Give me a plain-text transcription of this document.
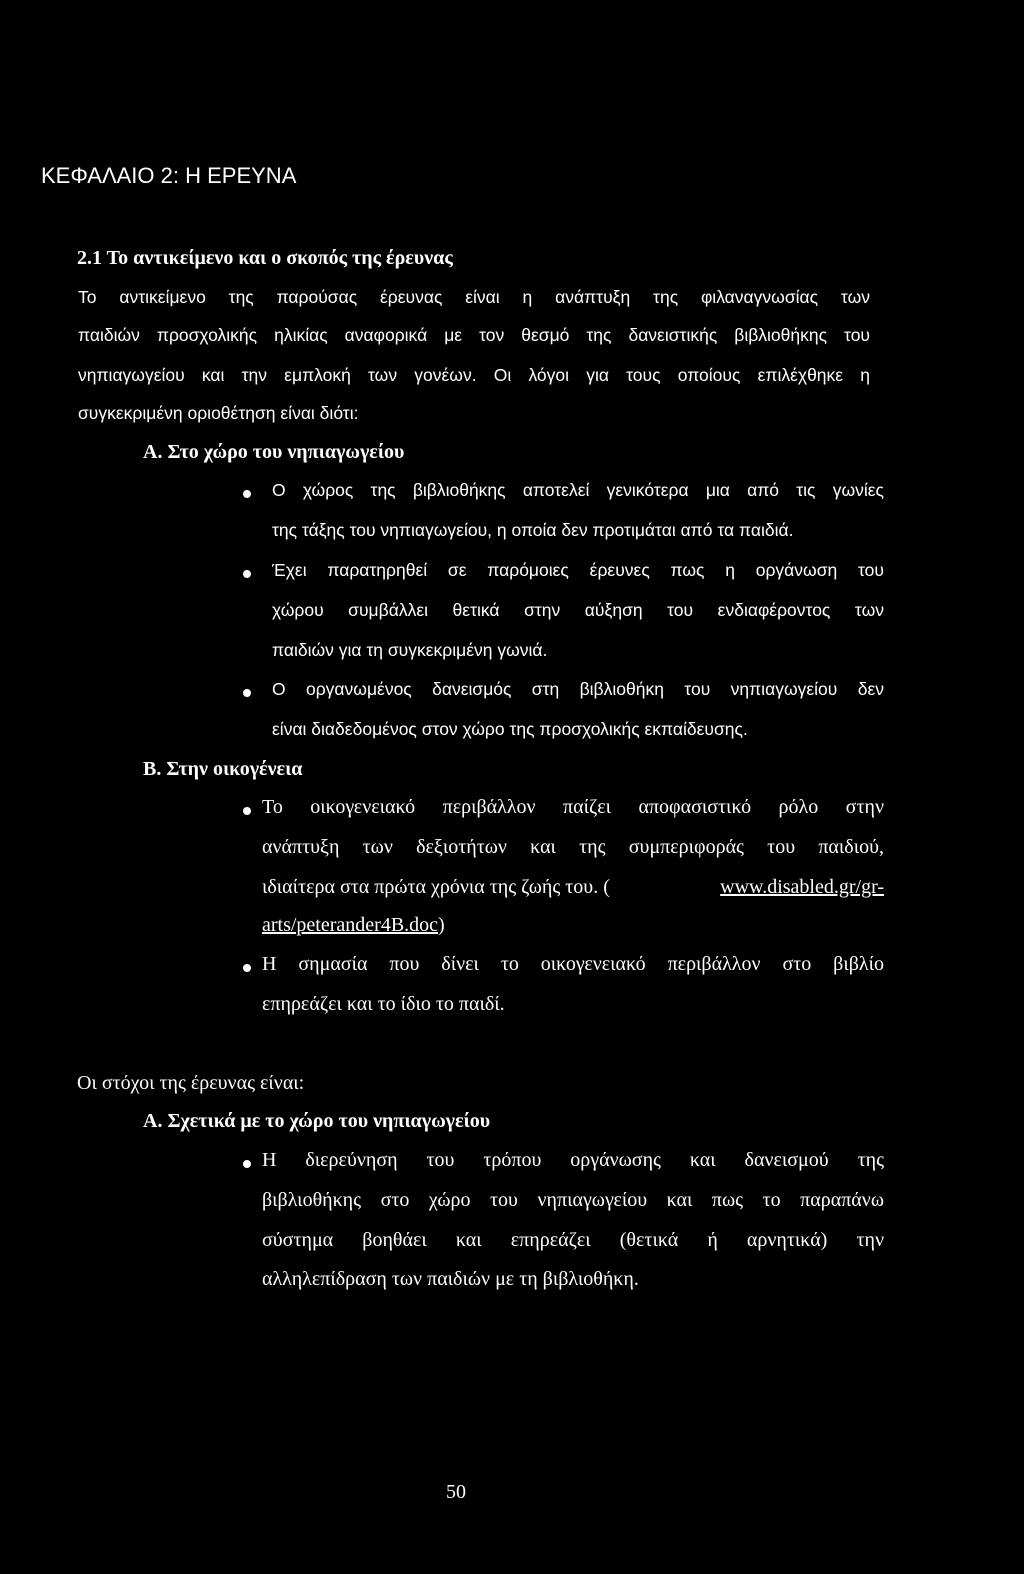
ΚΕΦΑΛΑΙΟ 2: Η ΕΡΕΥΝΑ
2.1 Το αντικείμενο και ο σκοπός της έρευνας
Το αντικείμενο της παρούσας έρευνας είναι η ανάπτυξη της φιλαναγνωσίας των
παιδιών προσχολικής ηλικίας αναφορικά με τον θεσμό της δανειστικής βιβλιοθήκης του
νηπιαγωγείου και την εμπλοκή των γονέων. Οι λόγοι για τους οποίους επιλέχθηκε η
συγκεκριμένη οριοθέτηση είναι διότι:
Α. Στο χώρο του νηπιαγωγείου
Ο χώρος της βιβλιοθήκης αποτελεί γενικότερα μια από τις γωνίες
της τάξης του νηπιαγωγείου, η οποία δεν προτιμάται από τα παιδιά.
Έχει παρατηρηθεί σε παρόμοιες έρευνες πως η οργάνωση του
χώρου συμβάλλει θετικά στην αύξηση του ενδιαφέροντος των
παιδιών για τη συγκεκριμένη γωνιά.
Ο οργανωμένος δανεισμός στη βιβλιοθήκη του νηπιαγωγείου δεν
είναι διαδεδομένος στον χώρο της προσχολικής εκπαίδευσης.
Β. Στην οικογένεια
Το οικογενειακό περιβάλλον παίζει αποφασιστικό ρόλο στην
ανάπτυξη των δεξιοτήτων και της συμπεριφοράς του παιδιού,
ιδιαίτερα στα πρώτα χρόνια της ζωής του. (	www.disabled.gr/gr-
arts/peterander4B.doc)
Η σημασία που δίνει το οικογενειακό περιβάλλον στο βιβλίο
επηρεάζει και το ίδιο το παιδί.
Οι στόχοι της έρευνας είναι:
Α. Σχετικά με το χώρο του νηπιαγωγείου
Η διερεύνηση του τρόπου οργάνωσης και δανεισμού της
βιβλιοθήκης στο χώρο του νηπιαγωγείου και πως το παραπάνω
σύστημα βοηθάει και επηρεάζει (θετικά ή αρνητικά) την
αλληλεπίδραση των παιδιών με τη βιβλιοθήκη.
50
